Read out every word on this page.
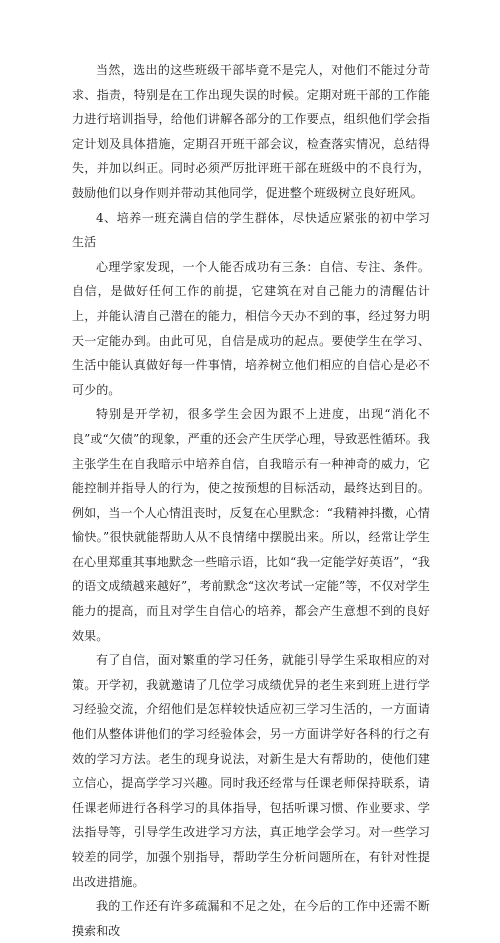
当然，选出的这些班级干部毕竟不是完人，对他们不能过分苛求、指责，特别是在工作出现失误的时候。定期对班干部的工作能力进行培训指导，给他们讲解各部分的工作要点，组织他们学会指定计划及具体措施，定期召开班干部会议，检查落实情况，总结得失，并加以纠正。同时必须严厉批评班干部在班级中的不良行为，鼓励他们以身作则并带动其他同学，促进整个班级树立良好班风。

4、培养一班充满自信的学生群体，尽快适应紧张的初中学习生活

心理学家发现，一个人能否成功有三条：自信、专注、条件。自信，是做好任何工作的前提，它建筑在对自己能力的清醒估计上，并能认清自己潜在的能力，相信今天办不到的事，经过努力明天一定能办到。由此可见，自信是成功的起点。要使学生在学习、生活中能认真做好每一件事情，培养树立他们相应的自信心是必不可少的。

特别是开学初，很多学生会因为跟不上进度，出现“消化不良”或“欠债”的现象，严重的还会产生厌学心理，导致恶性循环。我主张学生在自我暗示中培养自信，自我暗示有一种神奇的威力，它能控制并指导人的行为，使之按预想的目标活动，最终达到目的。例如，当一个人心情沮丧时，反复在心里默念：“我精神抖擞，心情愉快。”很快就能帮助人从不良情绪中摆脱出来。所以，经常让学生在心里郑重其事地默念一些暗示语，比如“我一定能学好英语”，“我的语文成绩越来越好”，考前默念“这次考试一定能”等，不仅对学生能力的提高，而且对学生自信心的培养，都会产生意想不到的良好效果。

有了自信，面对繁重的学习任务，就能引导学生采取相应的对策。开学初，我就邀请了几位学习成绩优异的老生来到班上进行学习经验交流，介绍他们是怎样较快适应初三学习生活的，一方面请他们从整体讲他们的学习经验体会，另一方面讲学好各科的行之有效的学习方法。老生的现身说法，对新生是大有帮助的，使他们建立信心，提高学学习兴趣。同时我还经常与任课老师保持联系，请任课老师进行各科学习的具体指导，包括听课习惯、作业要求、学法指导等，引导学生改进学习方法，真正地学会学习。对一些学习较差的同学，加强个别指导，帮助学生分析问题所在，有针对性提出改进措施。

我的工作还有许多疏漏和不足之处，在今后的工作中还需不断摸索和改
